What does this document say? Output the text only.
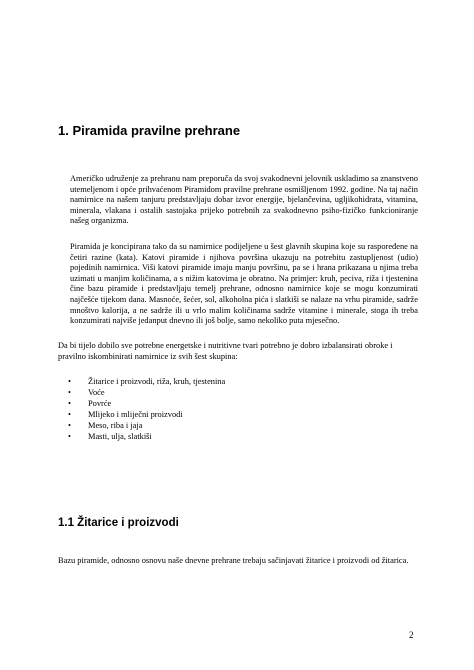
1. Piramida pravilne prehrane

Američko udruženje za prehranu nam preporuča da svoj svakodnevni jelovnik uskladimo sa znanstveno utemeljenom i opće prihvaćenom Piramidom pravilne prehrane osmišljenom 1992. godine. Na taj način namirnice na našem tanjuru predstavljaju dobar izvor energije, bjelančevina, ugljikohidrata, vitamina, minerala, vlakana i ostalih sastojaka prijeko potrebnih za svakodnevno psiho-fizičko funkcioniranje našeg organizma.

Piramida je koncipirana tako da su namirnice podijeljene u šest glavnih skupina koje su raspoređene na četiri razine (kata). Katovi piramide i njihova površina ukazuju na potrebitu zastupljenost (udio) pojedinih namirnica. Viši katovi piramide imaju manju površinu, pa se i hrana prikazana u njima treba uzimati u manjim količinama, a s nižim katovima je obratno. Na primjer: kruh, peciva, riža i tjestenina čine bazu piramide i predstavljaju temelj prehrane, odnosno namirnice koje se mogu konzumirati najčešće tijekom dana. Masnoće, šećer, sol, alkoholna pića i slatkiši se nalaze na vrhu piramide, sadrže mnoštvo kalorija, a ne sadrže ili u vrlo malim količinama sadrže vitamine i minerale, stoga ih treba konzumirati najviše jedanput dnevno ili još bolje, samo nekoliko puta mjesečno.

Da bi tijelo dobilo sve potrebne energetske i nutritivne tvari potrebno je dobro izbalansirati obroke i pravilno iskombinirati namirnice iz svih šest skupina:

• Žitarice i proizvodi, riža, kruh, tjestenina
• Voće
• Povrće
• Mlijeko i mliječni proizvodi
• Meso, riba i jaja
• Masti, ulja, slatkiši
1.1 Žitarice i proizvodi

Bazu piramide, odnosno osnovu naše dnevne prehrane trebaju sačinjavati žitarice i proizvodi od žitarica.

2
